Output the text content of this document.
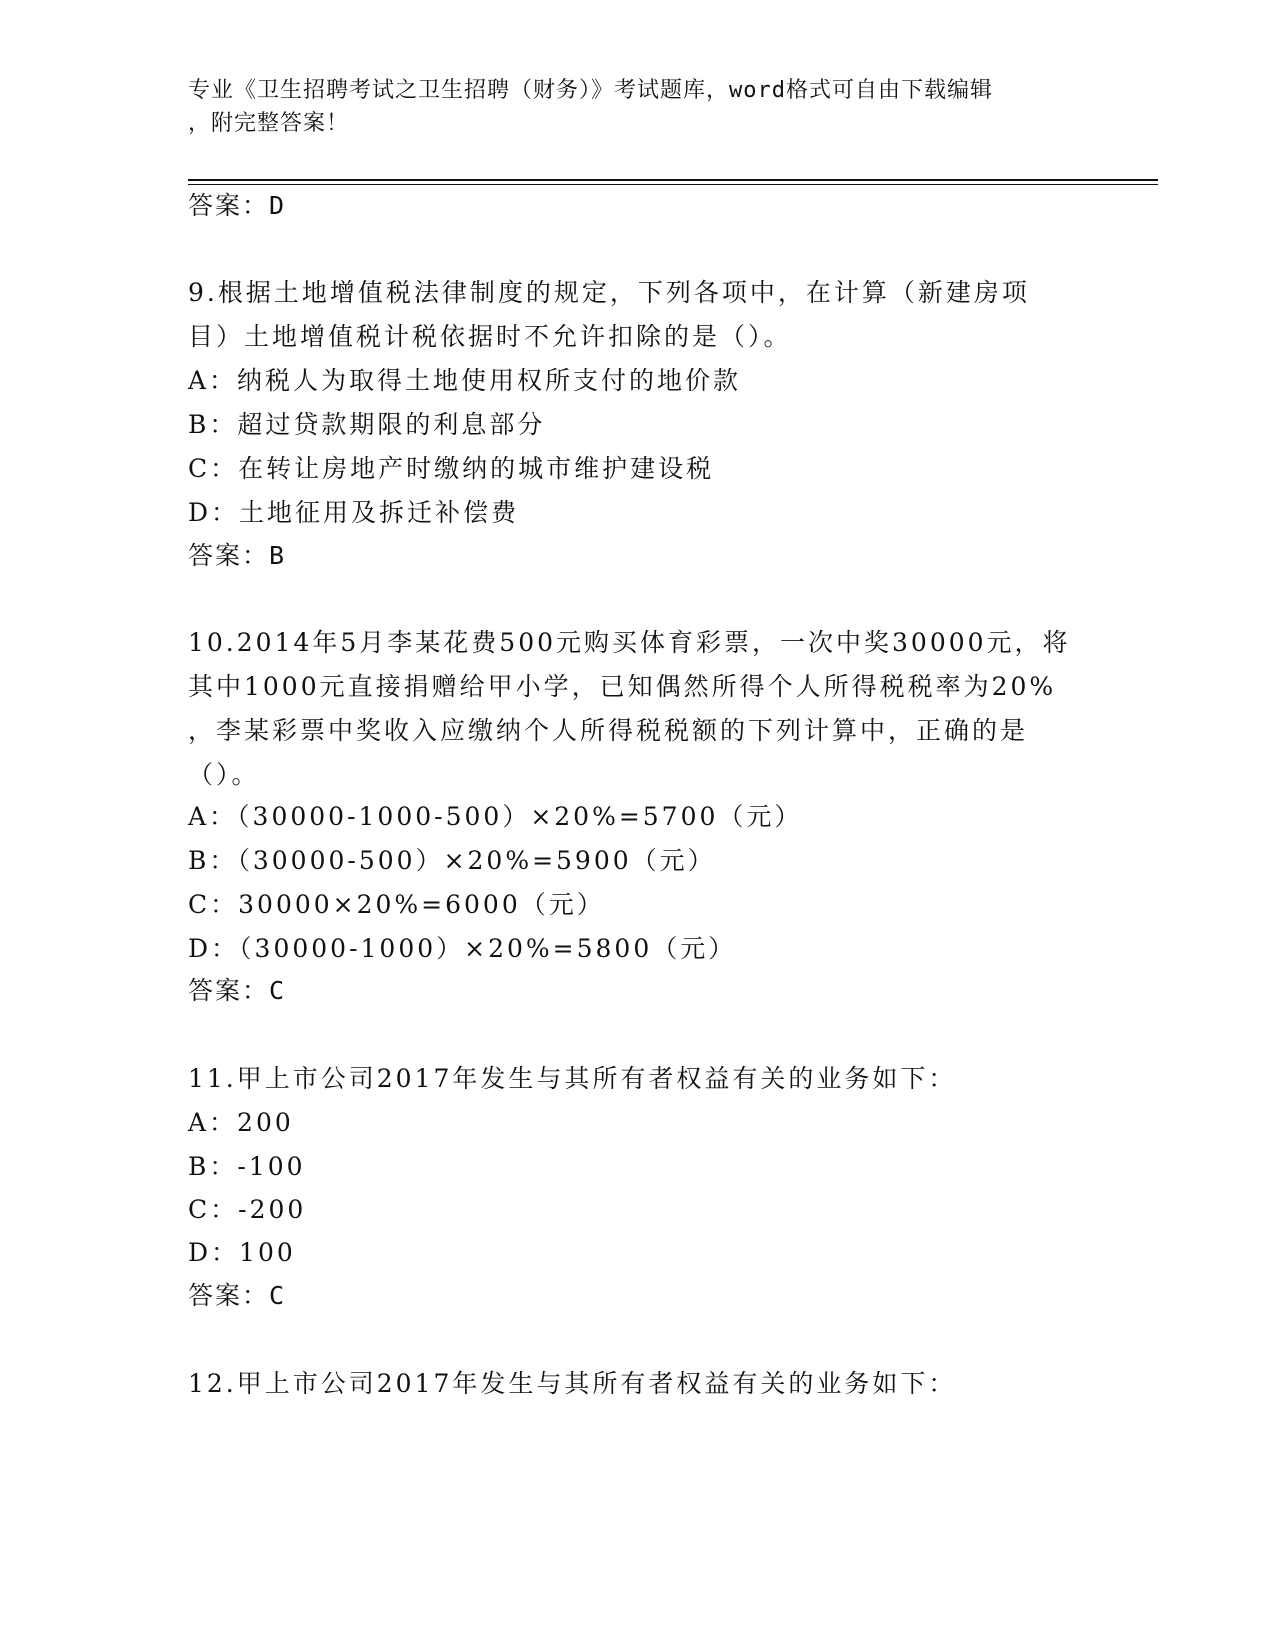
专业《卫生招聘考试之卫生招聘（财务）》考试题库，word格式可自由下载编辑
，附完整答案！
答案：D
9.根据土地增值税法律制度的规定，下列各项中，在计算（新建房项
目）土地增值税计税依据时不允许扣除的是（）。
A：纳税人为取得土地使用权所支付的地价款
B：超过贷款期限的利息部分
C：在转让房地产时缴纳的城市维护建设税
D：土地征用及拆迁补偿费
答案：B
10.2014年5月李某花费500元购买体育彩票，一次中奖30000元，将
其中1000元直接捐赠给甲小学，已知偶然所得个人所得税税率为20%
，李某彩票中奖收入应缴纳个人所得税税额的下列计算中，正确的是
（）。
A：（30000-1000-500）×20%=5700（元）
B：（30000-500）×20%=5900（元）
C：30000×20%=6000（元）
D：（30000-1000）×20%=5800（元）
答案：C
11.甲上市公司2017年发生与其所有者权益有关的业务如下：
A：200
B：-100
C：-200
D：100
答案：C
12.甲上市公司2017年发生与其所有者权益有关的业务如下：
